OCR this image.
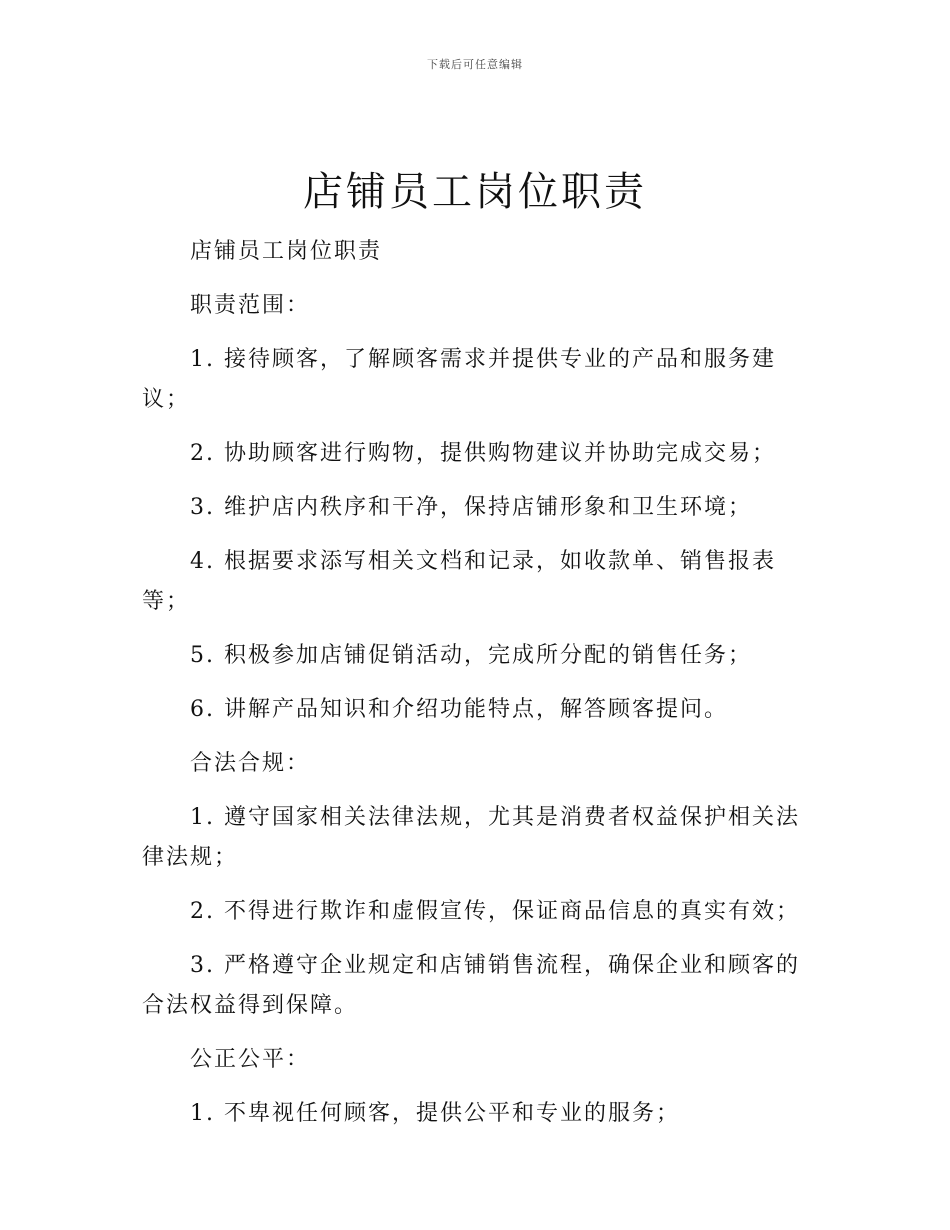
下载后可任意编辑
店铺员工岗位职责

店铺员工岗位职责

职责范围：

1. 接待顾客，了解顾客需求并提供专业的产品和服务建议；

2. 协助顾客进行购物，提供购物建议并协助完成交易；

3. 维护店内秩序和干净，保持店铺形象和卫生环境；

4. 根据要求添写相关文档和记录，如收款单、销售报表等；

5. 积极参加店铺促销活动，完成所分配的销售任务；

6. 讲解产品知识和介绍功能特点，解答顾客提问。

合法合规：

1. 遵守国家相关法律法规，尤其是消费者权益保护相关法律法规；

2. 不得进行欺诈和虚假宣传，保证商品信息的真实有效；

3. 严格遵守企业规定和店铺销售流程，确保企业和顾客的合法权益得到保障。

公正公平：

1. 不卑视任何顾客，提供公平和专业的服务；
